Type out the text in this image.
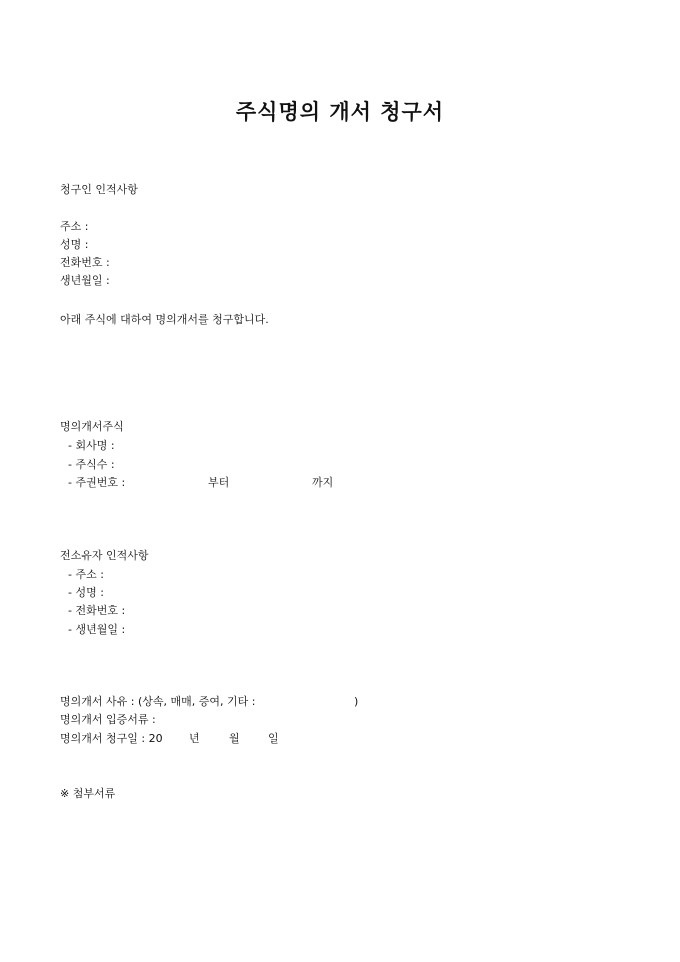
주식명의 개서 청구서
청구인 인적사항
주소 :
성명 :
전화번호 :
생년월일 :
아래 주식에 대하여 명의개서를 청구합니다.
명의개서주식
- 회사명 :
- 주식수 :
- 주권번호 :	부터	까지
전소유자 인적사항
- 주소 :
- 성명 :
- 전화번호 :
- 생년월일 :
명의개서 사유 : (상속, 매매, 증여, 기타 :	)
명의개서 입증서류 :
명의개서 청구일 : 20 년	월	일
※ 첨부서류
